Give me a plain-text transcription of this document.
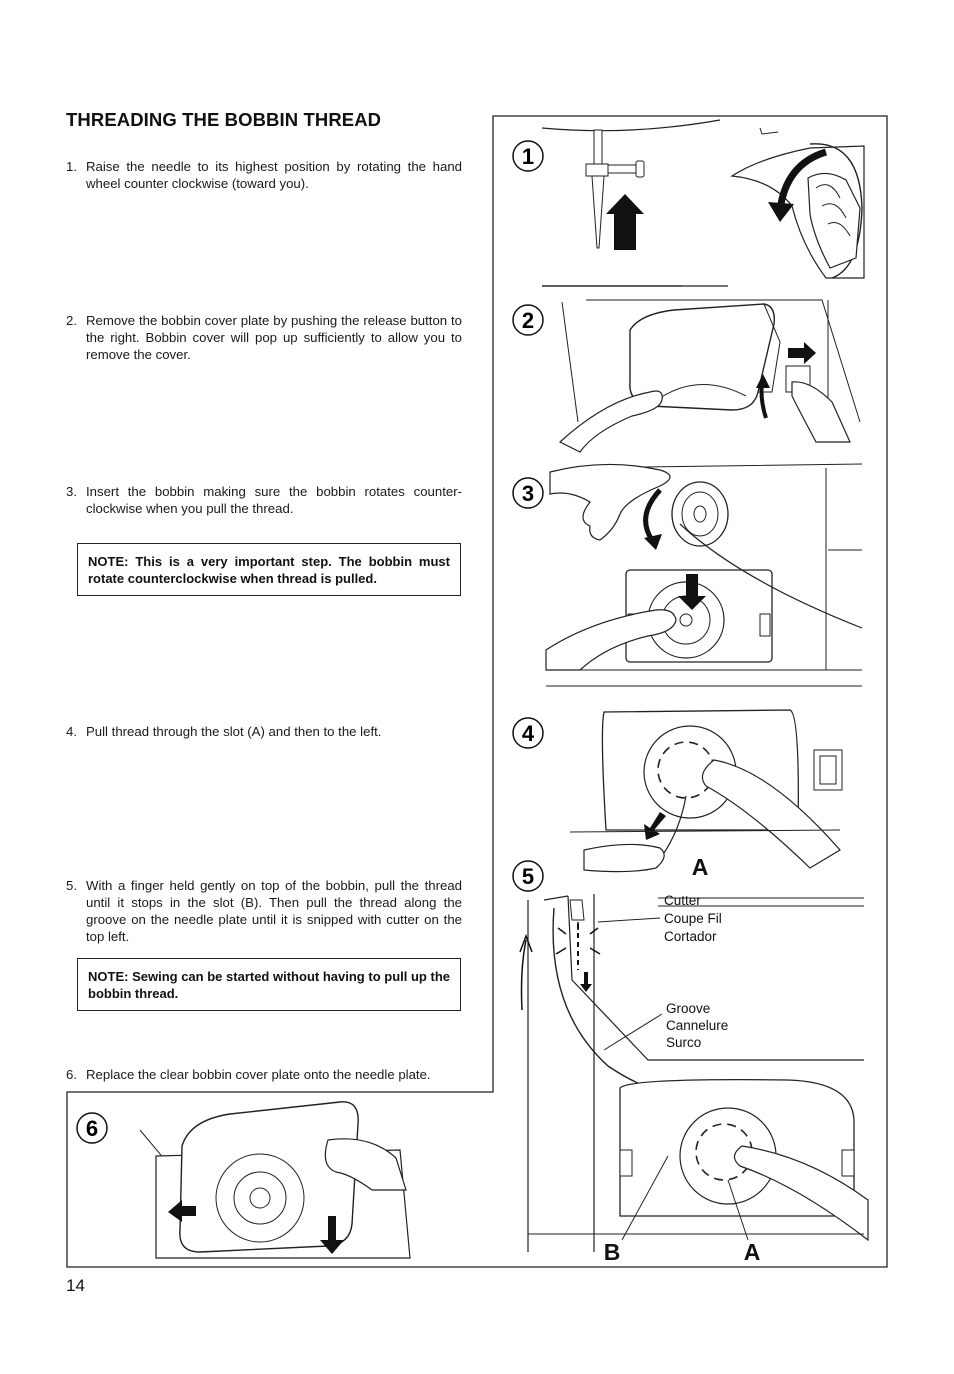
THREADING THE BOBBIN THREAD
1. Raise the needle to its highest position by rotating the hand wheel counter clockwise (toward you).
2. Remove the bobbin cover plate by pushing the release button to the right. Bobbin cover will pop up sufficiently to allow you to remove the cover.
3. Insert the bobbin making sure the bobbin rotates counter-clockwise when you pull the thread.
NOTE: This is a very important step. The bobbin must rotate counterclockwise when thread is pulled.
4. Pull thread through the slot (A) and then to the left.
5. With a finger held gently on top of the bobbin, pull the thread until it stops in the slot (B). Then pull the thread along the groove on the needle plate until it is snipped with cutter on the top left.
NOTE: Sewing can be started without having to pull up the bobbin thread.
6. Replace the clear bobbin cover plate onto the needle plate.
14
1
2
3
4
A
5
Cutter
Coupe Fil
Cortador
Groove
Cannelure
Surco
B	A
6
